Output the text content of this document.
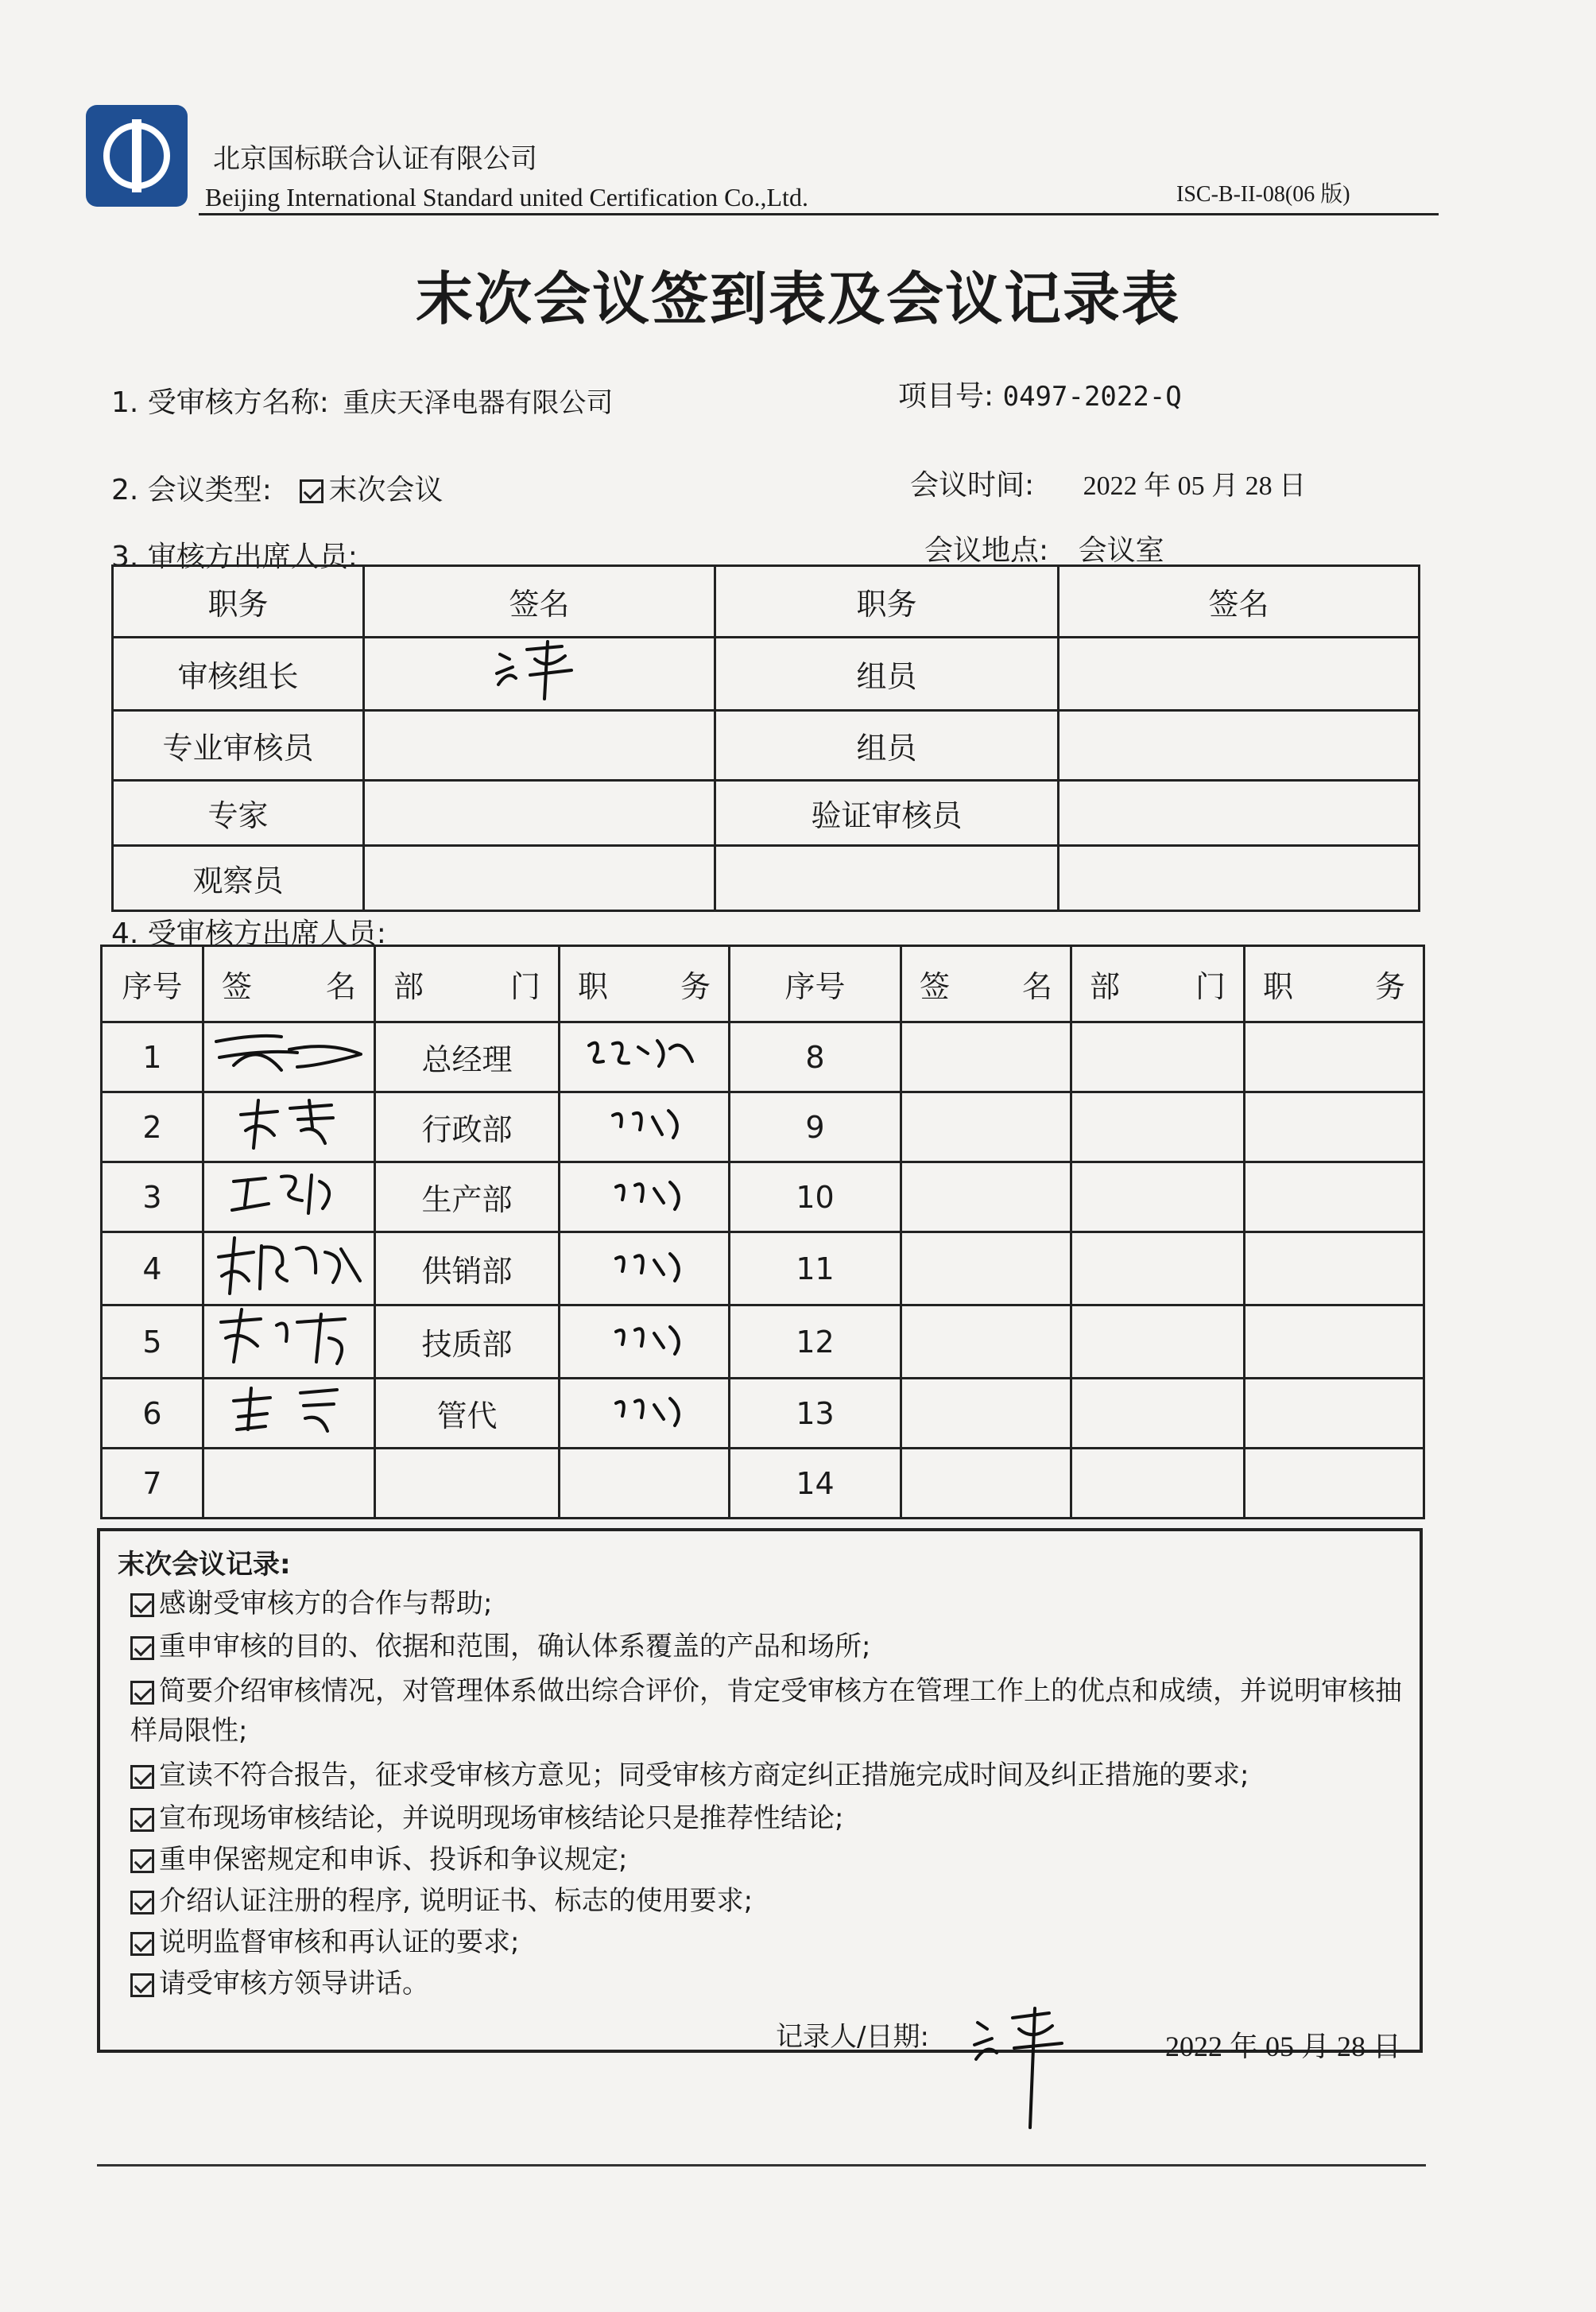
北京国标联合认证有限公司
Beijing International Standard united Certification Co.,Ltd.	ISC-B-II-08(06 版)
末次会议签到表及会议记录表
1. 受审核方名称: 重庆天泽电器有限公司	项目号: 0497-2022-Q
2. 会议类型: 末次会议	会议时间: 2022 年 05 月 28 日
3. 审核方出席人员:	会议地点: 会议室
职务	签名	职务	签名
审核组长		组员	
专业审核员		组员	
专家		验证审核员	
观察员			
4. 受审核方出席人员:
序号	签名	部门	职务	序号	签名	部门	职务
1		总经理		8			
2		行政部		9			
3		生产部		10			
4		供销部		11			
5		技质部		12			
6		管代		13			
7				14			
末次会议记录:
感谢受审核方的合作与帮助;
重申审核的目的、依据和范围，确认体系覆盖的产品和场所;
简要介绍审核情况，对管理体系做出综合评价，肯定受审核方在管理工作上的优点和成绩，并说明审核抽样局限性;
宣读不符合报告，征求受审核方意见；同受审核方商定纠正措施完成时间及纠正措施的要求;
宣布现场审核结论，并说明现场审核结论只是推荐性结论;
重申保密规定和申诉、投诉和争议规定;
介绍认证注册的程序, 说明证书、标志的使用要求;
说明监督审核和再认证的要求;
请受审核方领导讲话。
记录人/日期:	2022 年 05 月 28 日
